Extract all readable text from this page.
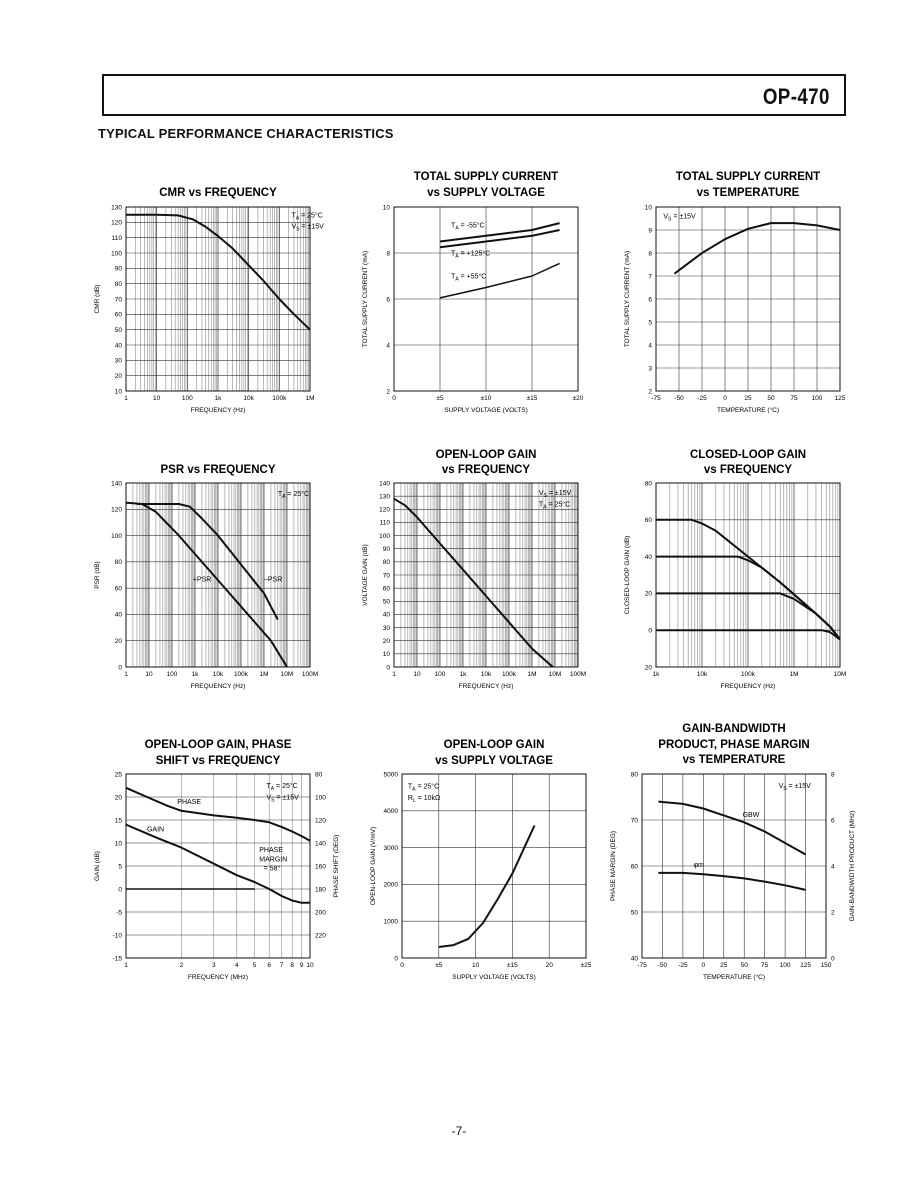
OP-470
TYPICAL PERFORMANCE CHARACTERISTICS
CMR vs FREQUENCY
10
20
30
40
50
60
70
80
90
100
110
120
130
1	10	100	1k	10k	100k	1M
FREQUENCY (Hz)
CMR (dB)
$T_A = 25^\circ C$
$V_S = \pm 15V$
TOTAL SUPPLY CURRENT
vs SUPPLY VOLTAGE
2
4
6
8
10
0	±5	±10	±15	±20
SUPPLY VOLTAGE (VOLTS)
TOTAL SUPPLY CURRENT (mA)
$T_A = -55^\circ C$
$T_A = +125^\circ C$
$T_A = +55^\circ C$
TOTAL SUPPLY CURRENT
vs TEMPERATURE
2
3
4
5
6
7
8
9
10
-75 -50 -25	0	25 50 75 100 125
TEMPERATURE (°C)
TOTAL SUPPLY CURRENT (mA)
$V_S = \pm 15V$
PSR vs FREQUENCY
0
20
40
60
80
100
120
140
1	10 100 1k 10k 100k 1M 10M 100M
FREQUENCY (Hz)
PSR (dB)
$T_A = 25^\circ C$
+PSR	–PSR
OPEN-LOOP GAIN
vs FREQUENCY
0
10
20
30
40
50
60
70
80
90
100
110
120
130
140
1	10 100 1k 10k 100k 1M 10M 100M
FREQUENCY (Hz)
VOLTAGE GAIN (dB)
$V_S = \pm 15V$
$T_A = 25^\circ C$
CLOSED-LOOP GAIN
vs FREQUENCY
20
0
20
40
60
80
1k	10k	100k	1M	10M
FREQUENCY (Hz)
CLOSED-LOOP GAIN (dB)
OPEN-LOOP GAIN, PHASE
SHIFT vs FREQUENCY
-15
-10
-5
0
5
10
15
20
25
1	2	3	4 5 6 7 8 9 10
80
100
120
140
160
180
200
220
PHASE SHIFT (DEG)
FREQUENCY (MHz)
GAIN (dB)
$T_A = 25^\circ C$
$V_S = \pm 15V$
PHASE
GAIN
PHASE
MARGIN
= 58°
OPEN-LOOP GAIN
vs SUPPLY VOLTAGE
0
1000
2000
3000
4000
5000
0	±5	10	±15	20	±25
SUPPLY VOLTAGE (VOLTS)
OPEN-LOOP GAIN (V/mV)
$T_A = 25^\circ C$
$R_L = 10k\Omega$
GAIN-BANDWIDTH
PRODUCT, PHASE MARGIN
vs TEMPERATURE
40
50
60
70
80
-75 -50 -25 0 25 50 75 100 125 150
0
2
4
6
8
GAIN-BANDWIDTH PRODUCT (MHz)
TEMPERATURE (°C)
PHASE MARGIN (DEG)
$V_S = \pm 15V$
GBW
φm
-7-
